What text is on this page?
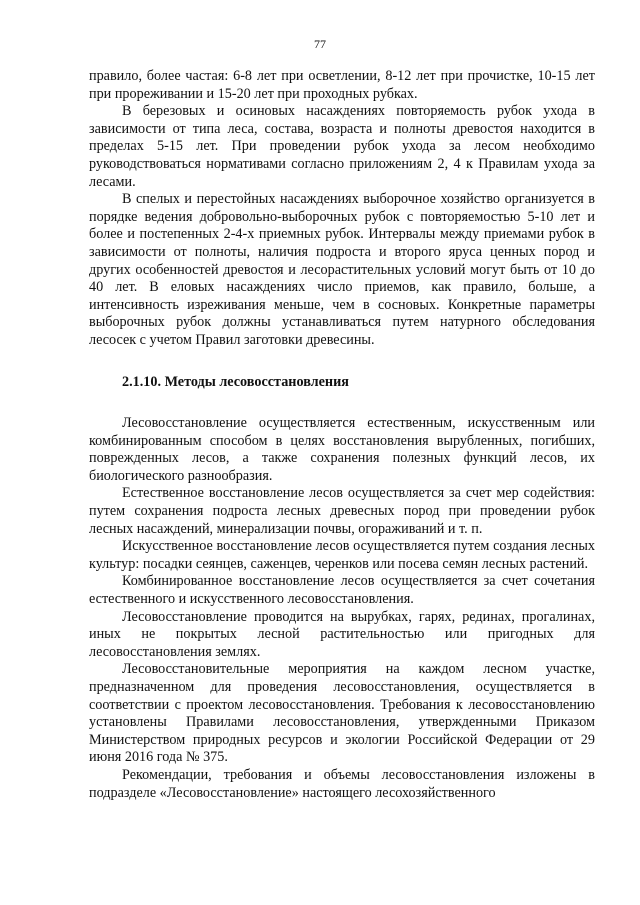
77

правило, более частая: 6-8 лет при осветлении, 8-12 лет при прочистке, 10-15 лет при прореживании и 15-20 лет при проходных рубках.

В березовых и осиновых насаждениях повторяемость рубок ухода в зависимости от типа леса, состава, возраста и полноты древостоя находится в пределах 5-15 лет. При проведении рубок ухода за лесом необходимо руководствоваться нормативами согласно приложениям 2, 4 к Правилам ухода за лесами.

В спелых и перестойных насаждениях выборочное хозяйство организуется в порядке ведения добровольно-выборочных рубок с повторяемостью 5-10 лет и более и постепенных 2-4-х приемных рубок. Интервалы между приемами рубок в зависимости от полноты, наличия подроста и второго яруса ценных пород и других особенностей древостоя и лесорастительных условий могут быть от 10 до 40 лет. В еловых насаждениях число приемов, как правило, больше, а интенсивность изреживания меньше, чем в сосновых. Конкретные параметры выборочных рубок должны устанавливаться путем натурного обследования лесосек с учетом Правил заготовки древесины.

2.1.10. Методы лесовосстановления

Лесовосстановление осуществляется естественным, искусственным или комбинированным способом в целях восстановления вырубленных, погибших, поврежденных лесов, а также сохранения полезных функций лесов, их биологического разнообразия.

Естественное восстановление лесов осуществляется за счет мер содействия: путем сохранения подроста лесных древесных пород при проведении рубок лесных насаждений, минерализации почвы, огораживаний и т. п.

Искусственное восстановление лесов осуществляется путем создания лесных культур: посадки сеянцев, саженцев, черенков или посева семян лесных растений.

Комбинированное восстановление лесов осуществляется за счет сочетания естественного и искусственного лесовосстановления.

Лесовосстановление проводится на вырубках, гарях, рединах, прогалинах, иных не покрытых лесной растительностью или пригодных для лесовосстановления землях.

Лесовосстановительные мероприятия на каждом лесном участке, предназначенном для проведения лесовосстановления, осуществляется в соответствии с проектом лесовосстановления. Требования к лесовосстановлению установлены Правилами лесовосстановления, утвержденными Приказом Министерством природных ресурсов и экологии Российской Федерации от 29 июня 2016 года № 375.

Рекомендации, требования и объемы лесовосстановления изложены в подразделе «Лесовосстановление» настоящего лесохозяйственного
